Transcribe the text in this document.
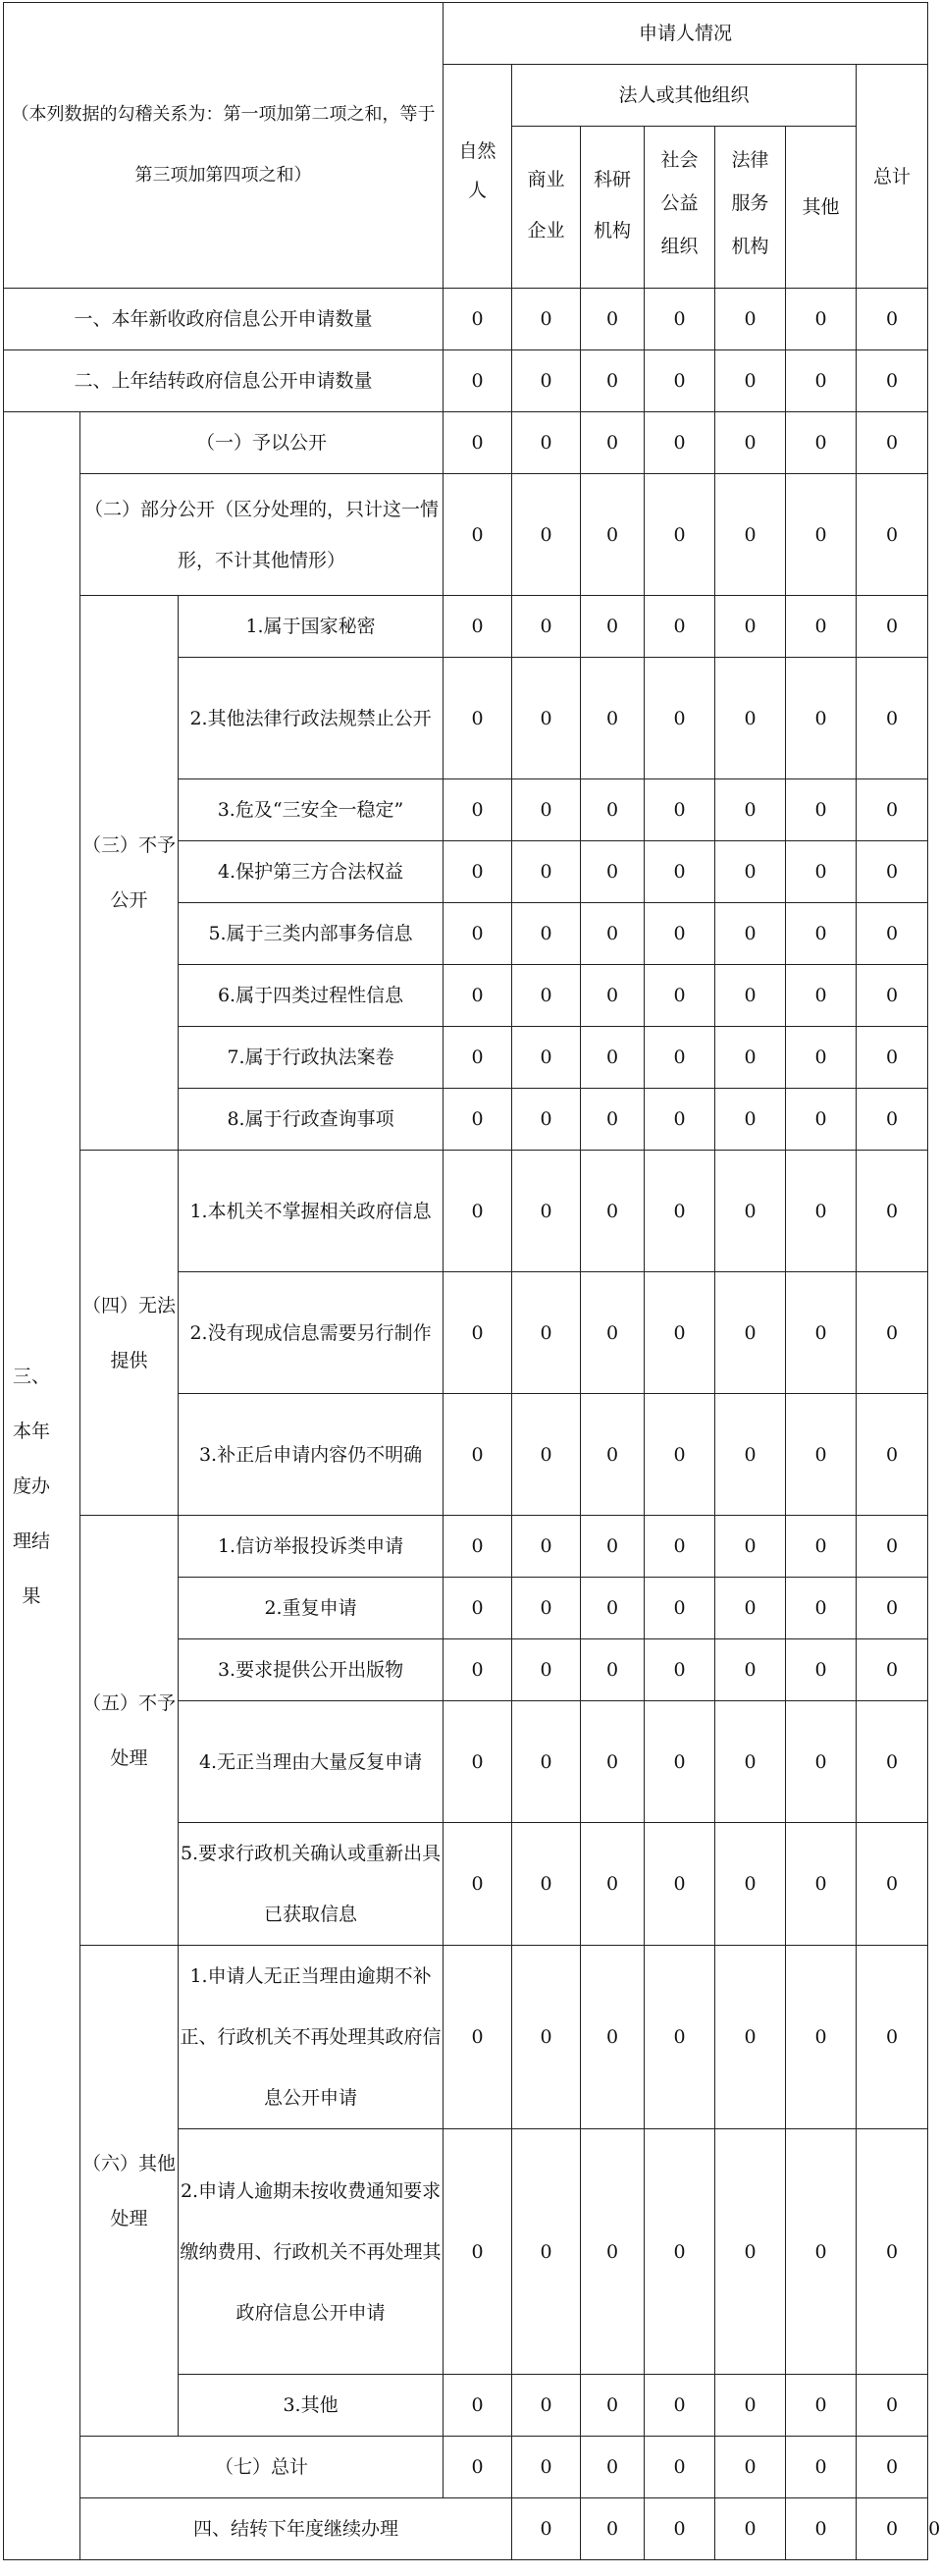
（本列数据的勾稽关系为：第一项加第二项之和，等于第三项加第四项之和）			申请人情况							
			自然人	法人或其他组织					总计	
				商业企业	科研机构	社会公益组织	法律服务机构	其他		
一、本年新收政府信息公开申请数量			0	0	0	0	0	0	0	
二、上年结转政府信息公开申请数量			0	0	0	0	0	0	0	

三、本年度办理结果	（一）予以公开		0	0	0	0	0	0	0	
	（二）部分公开（区分处理的，只计这一情形，不计其他情形）		0	0	0	0	0	0	0	

	（三）不予公开	1.属于国家秘密	0	0	0	0	0	0	0	
		2.其他法律行政法规禁止公开	0	0	0	0	0	0	0	
		3.危及“三安全一稳定”	0	0	0	0	0	0	0	
		4.保护第三方合法权益	0	0	0	0	0	0	0	
		5.属于三类内部事务信息	0	0	0	0	0	0	0	
		6.属于四类过程性信息	0	0	0	0	0	0	0	
		7.属于行政执法案卷	0	0	0	0	0	0	0	
		8.属于行政查询事项	0	0	0	0	0	0	0	

	（四）无法提供	1.本机关不掌握相关政府信息	0	0	0	0	0	0	0	
		2.没有现成信息需要另行制作	0	0	0	0	0	0	0	
		3.补正后申请内容仍不明确	0	0	0	0	0	0	0	

	（五）不予处理	1.信访举报投诉类申请	0	0	0	0	0	0	0	
		2.重复申请	0	0	0	0	0	0	0	
		3.要求提供公开出版物	0	0	0	0	0	0	0	
		4.无正当理由大量反复申请	0	0	0	0	0	0	0	
		5.要求行政机关确认或重新出具已获取信息	0	0	0	0	0	0	0	

	（六）其他处理	1.申请人无正当理由逾期不补正、行政机关不再处理其政府信息公开申请	0	0	0	0	0	0	0	
		2.申请人逾期未按收费通知要求缴纳费用、行政机关不再处理其政府信息公开申请	0	0	0	0	0	0	0	
		3.其他	0	0	0	0	0	0	0	
	（七）总计		0	0	0	0	0	0	0	
	四、结转下年度继续办理			0	0	0	0	0	0	0
